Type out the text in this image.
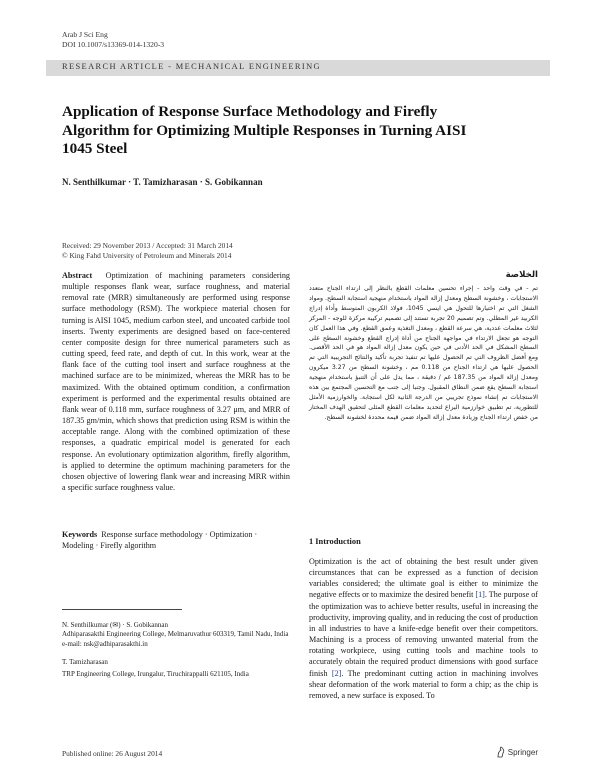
Arab J Sci Eng
DOI 10.1007/s13369-014-1320-3
RESEARCH ARTICLE - MECHANICAL ENGINEERING
Application of Response Surface Methodology and Firefly Algorithm for Optimizing Multiple Responses in Turning AISI 1045 Steel
N. Senthilkumar · T. Tamizharasan · S. Gobikannan
Received: 29 November 2013 / Accepted: 31 March 2014
© King Fahd University of Petroleum and Minerals 2014

Abstract Optimization of machining parameters considering multiple responses flank wear, surface roughness, and material removal rate (MRR) simultaneously are performed using response surface methodology (RSM). The workpiece material chosen for turning is AISI 1045, medium carbon steel, and uncoated carbide tool inserts. Twenty experiments are designed based on face-centered center composite design for three numerical parameters such as cutting speed, feed rate, and depth of cut. In this work, wear at the flank face of the cutting tool insert and surface roughness at the machined surface are to be minimized, whereas the MRR has to be maximized. With the obtained optimum condition, a confirmation experiment is performed and the experimental results obtained are flank wear of 0.118 mm, surface roughness of 3.27 μm, and MRR of 187.35 gm/min, which shows that prediction using RSM is within the acceptable range. Along with the combined optimization of these responses, a quadratic empirical model is generated for each response. An evolutionary optimization algorithm, firefly algorithm, is applied to determine the optimum machining parameters for the chosen objective of lowering flank wear and increasing MRR within a specific surface roughness value.

Keywords Response surface methodology · Optimization · Modeling · Firefly algorithm
الخلاصة
تم - في وقت واحد - إجراء تحسين معلمات القطع بالنظر إلى ارتداء الجناح متعدد الاستجابات ، وخشونة السطح ومعدل إزالة المواد باستخدام منهجية استجابة السطح. ومواد الشغل التي تم اختيارها للتحول هي ايسي 1045، فولاذ الكربون المتوسط وأداة إدراج الكربيد غير المطلي. وتم تصميم 20 تجربة تستند إلى تصميم تركيبة مركزة للوجه - المركز لثلاث معلمات عددية، هي سرعة القطع ، ومعدل التغذية وعمق القطع. وفي هذا العمل كان التوجه هو تجعل الارتداء في مواجهة الجناح من أداة إدراج القطع وخشونة السطح على السطح المشكل في الحد الأدنى في حين يكون معدل إزالة المواد هو في الحد الأقصى. ومع أفضل الظروف التي تم الحصول عليها تم تنفيذ تجربة تأكيد والنتائج التجريبية التي تم الحصول عليها هي ارتداء الجناح من 0.118 مم ، وخشونة السطح من 3.27 ميكرون ومعدل إزالة المواد من 187.35 غم / دقيقة ، مما يدل على أن التنبؤ باستخدام منهجية استجابة السطح يقع ضمن النطاق المقبول. وجنبا إلى جنب مع التحسين المجتمع بين هذه الاستجابات تم إنشاء نموذج تجريبي من الدرجة الثانية لكل استجابة. والخوارزمية الأمثل للتطورية، تم تطبيق خوارزمية اليراع لتحديد معلمات القطع المثلى لتحقيق الهدف المختار من خفض ارتداء الجناح وزيادة معدل إزالة المواد ضمن قيمة محددة لخشونة السطح.
1 Introduction

Optimization is the act of obtaining the best result under given circumstances that can be expressed as a function of decision variables considered; the ultimate goal is either to minimize the negative effects or to maximize the desired benefit [1]. The purpose of the optimization was to achieve better results, useful in increasing the productivity, improving quality, and in reducing the cost of production in all industries to have a knife-edge benefit over their competitors. Machining is a process of removing unwanted material from the rotating workpiece, using cutting tools and machine tools to accurately obtain the required product dimensions with good surface finish [2]. The predominant cutting action in machining involves shear deformation of the work material to form a chip; as the chip is removed, a new surface is exposed. To

N. Senthilkumar (✉) · S. Gobikannan
Adhiparasakthi Engineering College, Melmaruvathur 603319, Tamil Nadu, India
e-mail: nsk@adhiparasakthi.in
T. Tamizharasan
TRP Engineering College, Irungalur, Tiruchirappalli 621105, India
Published online: 26 August 2014	Springer
